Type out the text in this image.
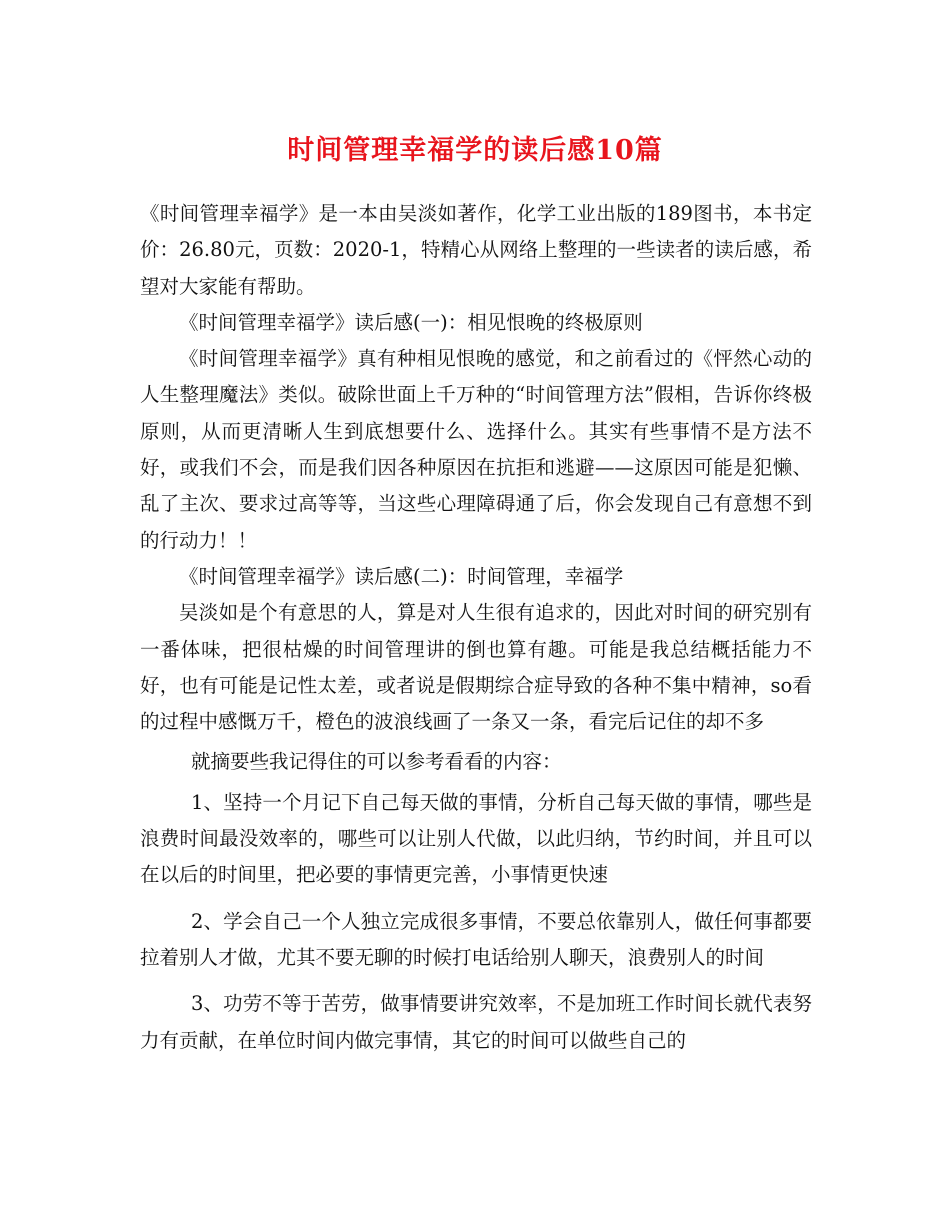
时间管理幸福学的读后感10篇

《时间管理幸福学》是一本由吴淡如著作，化学工业出版的189图书，本书定价：26.80元，页数：2020-1，特精心从网络上整理的一些读者的读后感，希望对大家能有帮助。

《时间管理幸福学》读后感(一)：相见恨晚的终极原则

《时间管理幸福学》真有种相见恨晚的感觉，和之前看过的《怦然心动的人生整理魔法》类似。破除世面上千万种的“时间管理方法”假相，告诉你终极原则，从而更清晰人生到底想要什么、选择什么。其实有些事情不是方法不好，或我们不会，而是我们因各种原因在抗拒和逃避——这原因可能是犯懒、乱了主次、要求过高等等，当这些心理障碍通了后，你会发现自己有意想不到的行动力！！

《时间管理幸福学》读后感(二)：时间管理，幸福学

吴淡如是个有意思的人，算是对人生很有追求的，因此对时间的研究别有一番体味，把很枯燥的时间管理讲的倒也算有趣。可能是我总结概括能力不好，也有可能是记性太差，或者说是假期综合症导致的各种不集中精神，so看的过程中感慨万千，橙色的波浪线画了一条又一条，看完后记住的却不多

就摘要些我记得住的可以参考看看的内容：

1、坚持一个月记下自己每天做的事情，分析自己每天做的事情，哪些是浪费时间最没效率的，哪些可以让别人代做，以此归纳，节约时间，并且可以在以后的时间里，把必要的事情更完善，小事情更快速

2、学会自己一个人独立完成很多事情，不要总依靠别人，做任何事都要拉着别人才做，尤其不要无聊的时候打电话给别人聊天，浪费别人的时间

3、功劳不等于苦劳，做事情要讲究效率，不是加班工作时间长就代表努力有贡献，在单位时间内做完事情，其它的时间可以做些自己的
